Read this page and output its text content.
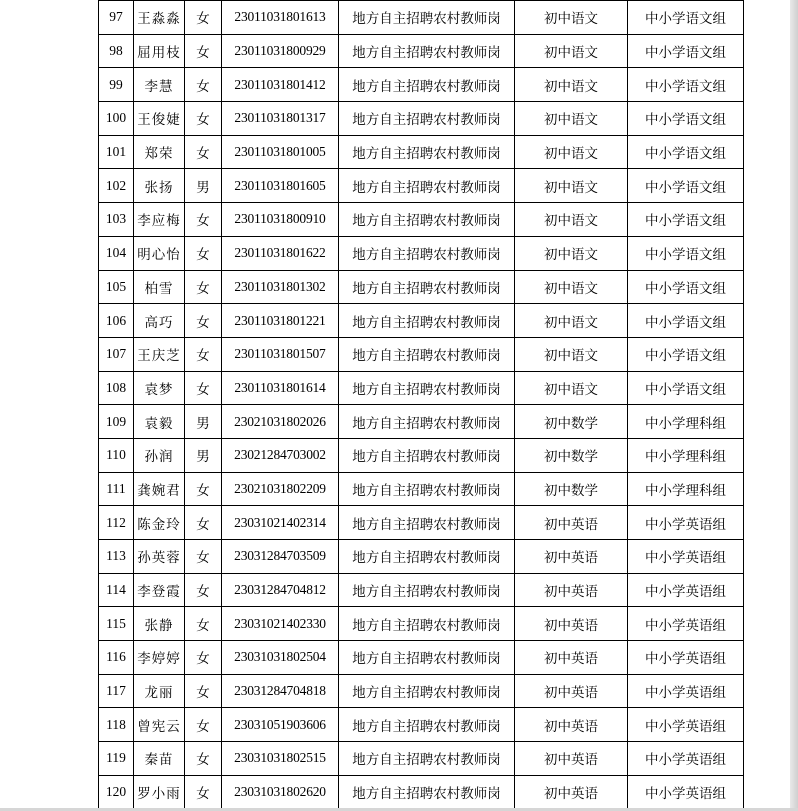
97	王淼淼	女	23011031801613	地方自主招聘农村教师岗	初中语文	中小学语文组
98	屈用枝	女	23011031800929	地方自主招聘农村教师岗	初中语文	中小学语文组
99	李慧	女	23011031801412	地方自主招聘农村教师岗	初中语文	中小学语文组
100	王俊婕	女	23011031801317	地方自主招聘农村教师岗	初中语文	中小学语文组
101	郑荣	女	23011031801005	地方自主招聘农村教师岗	初中语文	中小学语文组
102	张扬	男	23011031801605	地方自主招聘农村教师岗	初中语文	中小学语文组
103	李应梅	女	23011031800910	地方自主招聘农村教师岗	初中语文	中小学语文组
104	明心怡	女	23011031801622	地方自主招聘农村教师岗	初中语文	中小学语文组
105	柏雪	女	23011031801302	地方自主招聘农村教师岗	初中语文	中小学语文组
106	高巧	女	23011031801221	地方自主招聘农村教师岗	初中语文	中小学语文组
107	王庆芝	女	23011031801507	地方自主招聘农村教师岗	初中语文	中小学语文组
108	袁梦	女	23011031801614	地方自主招聘农村教师岗	初中语文	中小学语文组
109	袁毅	男	23021031802026	地方自主招聘农村教师岗	初中数学	中小学理科组
110	孙润	男	23021284703002	地方自主招聘农村教师岗	初中数学	中小学理科组
111	龚婉君	女	23021031802209	地方自主招聘农村教师岗	初中数学	中小学理科组
112	陈金玲	女	23031021402314	地方自主招聘农村教师岗	初中英语	中小学英语组
113	孙英蓉	女	23031284703509	地方自主招聘农村教师岗	初中英语	中小学英语组
114	李登霞	女	23031284704812	地方自主招聘农村教师岗	初中英语	中小学英语组
115	张静	女	23031021402330	地方自主招聘农村教师岗	初中英语	中小学英语组
116	李婷婷	女	23031031802504	地方自主招聘农村教师岗	初中英语	中小学英语组
117	龙丽	女	23031284704818	地方自主招聘农村教师岗	初中英语	中小学英语组
118	曾宪云	女	23031051903606	地方自主招聘农村教师岗	初中英语	中小学英语组
119	秦苗	女	23031031802515	地方自主招聘农村教师岗	初中英语	中小学英语组
120	罗小雨	女	23031031802620	地方自主招聘农村教师岗	初中英语	中小学英语组
